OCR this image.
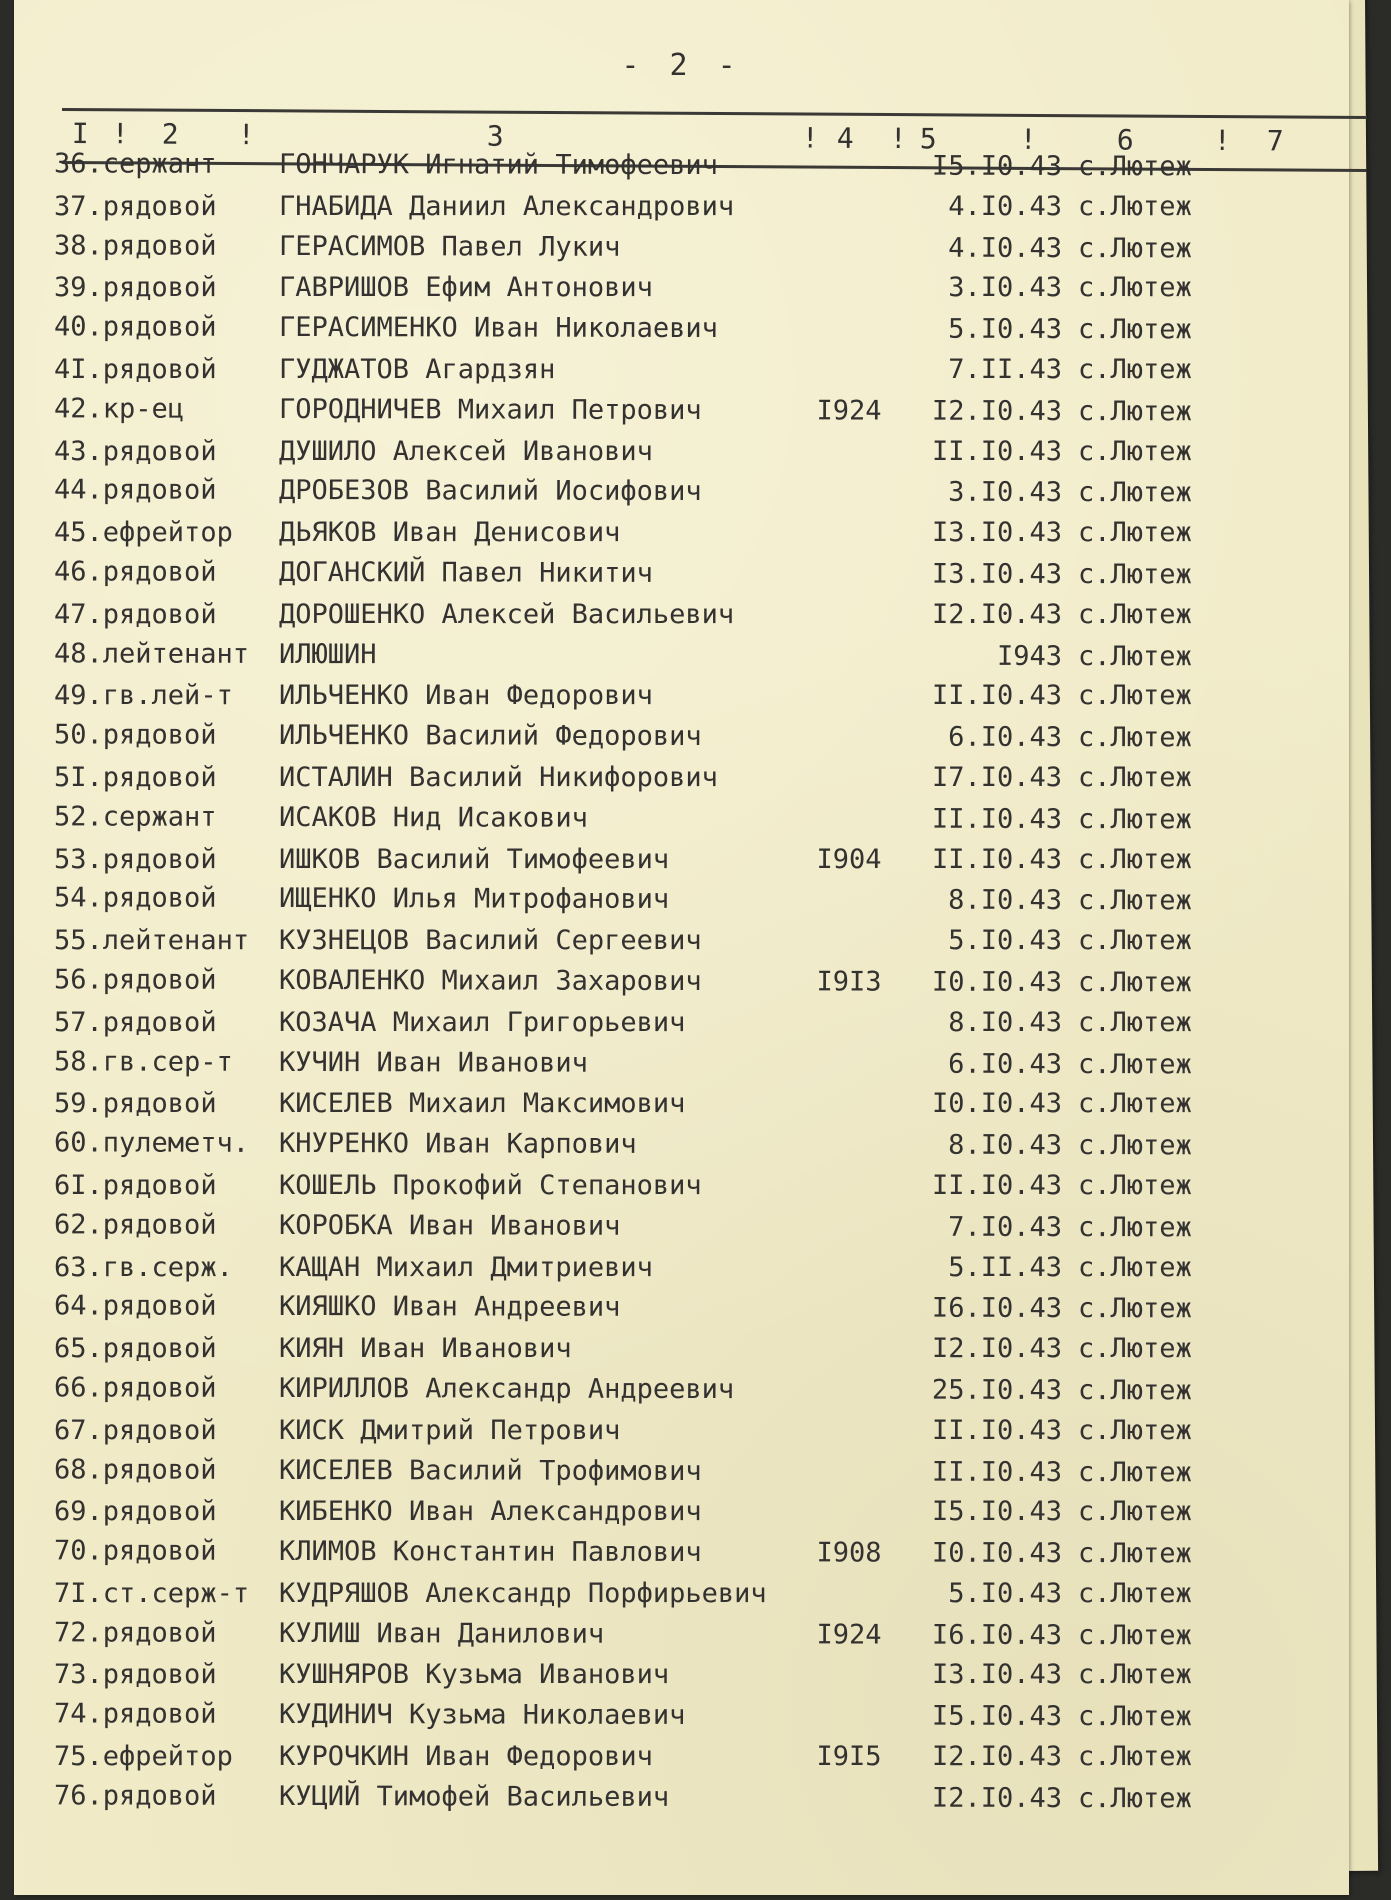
- 2 -
I ! 2 !	3	! 4 ! 5	!	6	! 7
36.сержант	ГОНЧАРУК Игнатий Тимофеевич	I5.I0.43 с.Лютеж
37.рядовой	ГНАБИДА Даниил Александрович	4.I0.43 с.Лютеж
38.рядовой	ГЕРАСИМОВ Павел Лукич	4.I0.43 с.Лютеж
39.рядовой	ГАВРИШОВ Ефим Антонович	3.I0.43 с.Лютеж
40.рядовой	ГЕРАСИМЕНКО Иван Николаевич	5.I0.43 с.Лютеж
4I.рядовой	ГУДЖАТОВ Агардзян	7.II.43 с.Лютеж
42.кр-ец	ГОРОДНИЧЕВ Михаил Петрович	I924	I2.I0.43 с.Лютеж
43.рядовой	ДУШИЛО Алексей Иванович	II.I0.43 с.Лютеж
44.рядовой	ДРОБЕЗОВ Василий Иосифович	3.I0.43 с.Лютеж
45.ефрейтор	ДЬЯКОВ Иван Денисович	I3.I0.43 с.Лютеж
46.рядовой	ДОГАНСКИЙ Павел Никитич	I3.I0.43 с.Лютеж
47.рядовой	ДОРОШЕНКО Алексей Васильевич	I2.I0.43 с.Лютеж
48.лейтенант	ИЛЮШИН	I943 с.Лютеж
49.гв.лей-т	ИЛЬЧЕНКО Иван Федорович	II.I0.43 с.Лютеж
50.рядовой	ИЛЬЧЕНКО Василий Федорович	6.I0.43 с.Лютеж
5I.рядовой	ИСТАЛИН Василий Никифорович	I7.I0.43 с.Лютеж
52.сержант	ИСАКОВ Нид Исакович	II.I0.43 с.Лютеж
53.рядовой	ИШКОВ Василий Тимофеевич	I904	II.I0.43 с.Лютеж
54.рядовой	ИЩЕНКО Илья Митрофанович	8.I0.43 с.Лютеж
55.лейтенант	КУЗНЕЦОВ Василий Сергеевич	5.I0.43 с.Лютеж
56.рядовой	КОВАЛЕНКО Михаил Захарович	I9I3	I0.I0.43 с.Лютеж
57.рядовой	КОЗАЧА Михаил Григорьевич	8.I0.43 с.Лютеж
58.гв.сер-т	КУЧИН Иван Иванович	6.I0.43 с.Лютеж
59.рядовой	КИСЕЛЕВ Михаил Максимович	I0.I0.43 с.Лютеж
60.пулеметч.	КНУРЕНКО Иван Карпович	8.I0.43 с.Лютеж
6I.рядовой	КОШЕЛЬ Прокофий Степанович	II.I0.43 с.Лютеж
62.рядовой	КОРОБКА Иван Иванович	7.I0.43 с.Лютеж
63.гв.серж.	КАЩАН Михаил Дмитриевич	5.II.43 с.Лютеж
64.рядовой	КИЯШКО Иван Андреевич	I6.I0.43 с.Лютеж
65.рядовой	КИЯН Иван Иванович	I2.I0.43 с.Лютеж
66.рядовой	КИРИЛЛОВ Александр Андреевич	25.I0.43 с.Лютеж
67.рядовой	КИСК Дмитрий Петрович	II.I0.43 с.Лютеж
68.рядовой	КИСЕЛЕВ Василий Трофимович	II.I0.43 с.Лютеж
69.рядовой	КИБЕНКО Иван Александрович	I5.I0.43 с.Лютеж
70.рядовой	КЛИМОВ Константин Павлович	I908	I0.I0.43 с.Лютеж
7I.ст.серж-т	КУДРЯШОВ Александр Порфирьевич	5.I0.43 с.Лютеж
72.рядовой	КУЛИШ Иван Данилович	I924	I6.I0.43 с.Лютеж
73.рядовой	КУШНЯРОВ Кузьма Иванович	I3.I0.43 с.Лютеж
74.рядовой	КУДИНИЧ Кузьма Николаевич	I5.I0.43 с.Лютеж
75.ефрейтор	КУРОЧКИН Иван Федорович	I9I5	I2.I0.43 с.Лютеж
76.рядовой	КУЦИЙ Тимофей Васильевич	I2.I0.43 с.Лютеж
